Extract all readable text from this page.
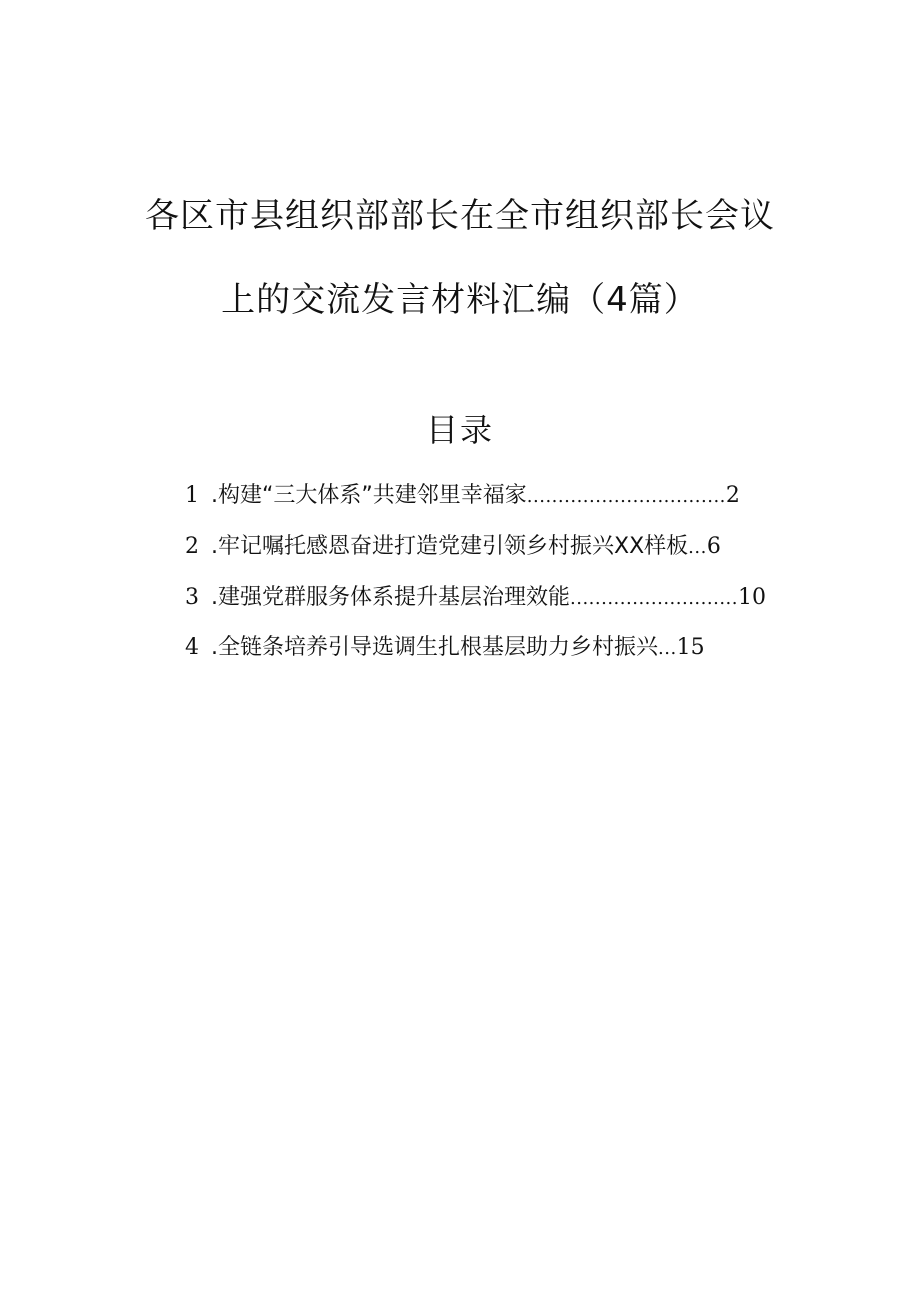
各区市县组织部部长在全市组织部长会议
上的交流发言材料汇编（4篇）
目录
1 .构建“三大体系”共建邻里幸福家 ................................ 2
2 .牢记嘱托感恩奋进打造党建引领乡村振兴XX样板 ... 6
3 .建强党群服务体系提升基层治理效能 ........................... 10
4 .全链条培养引导选调生扎根基层助力乡村振兴 ... 15
